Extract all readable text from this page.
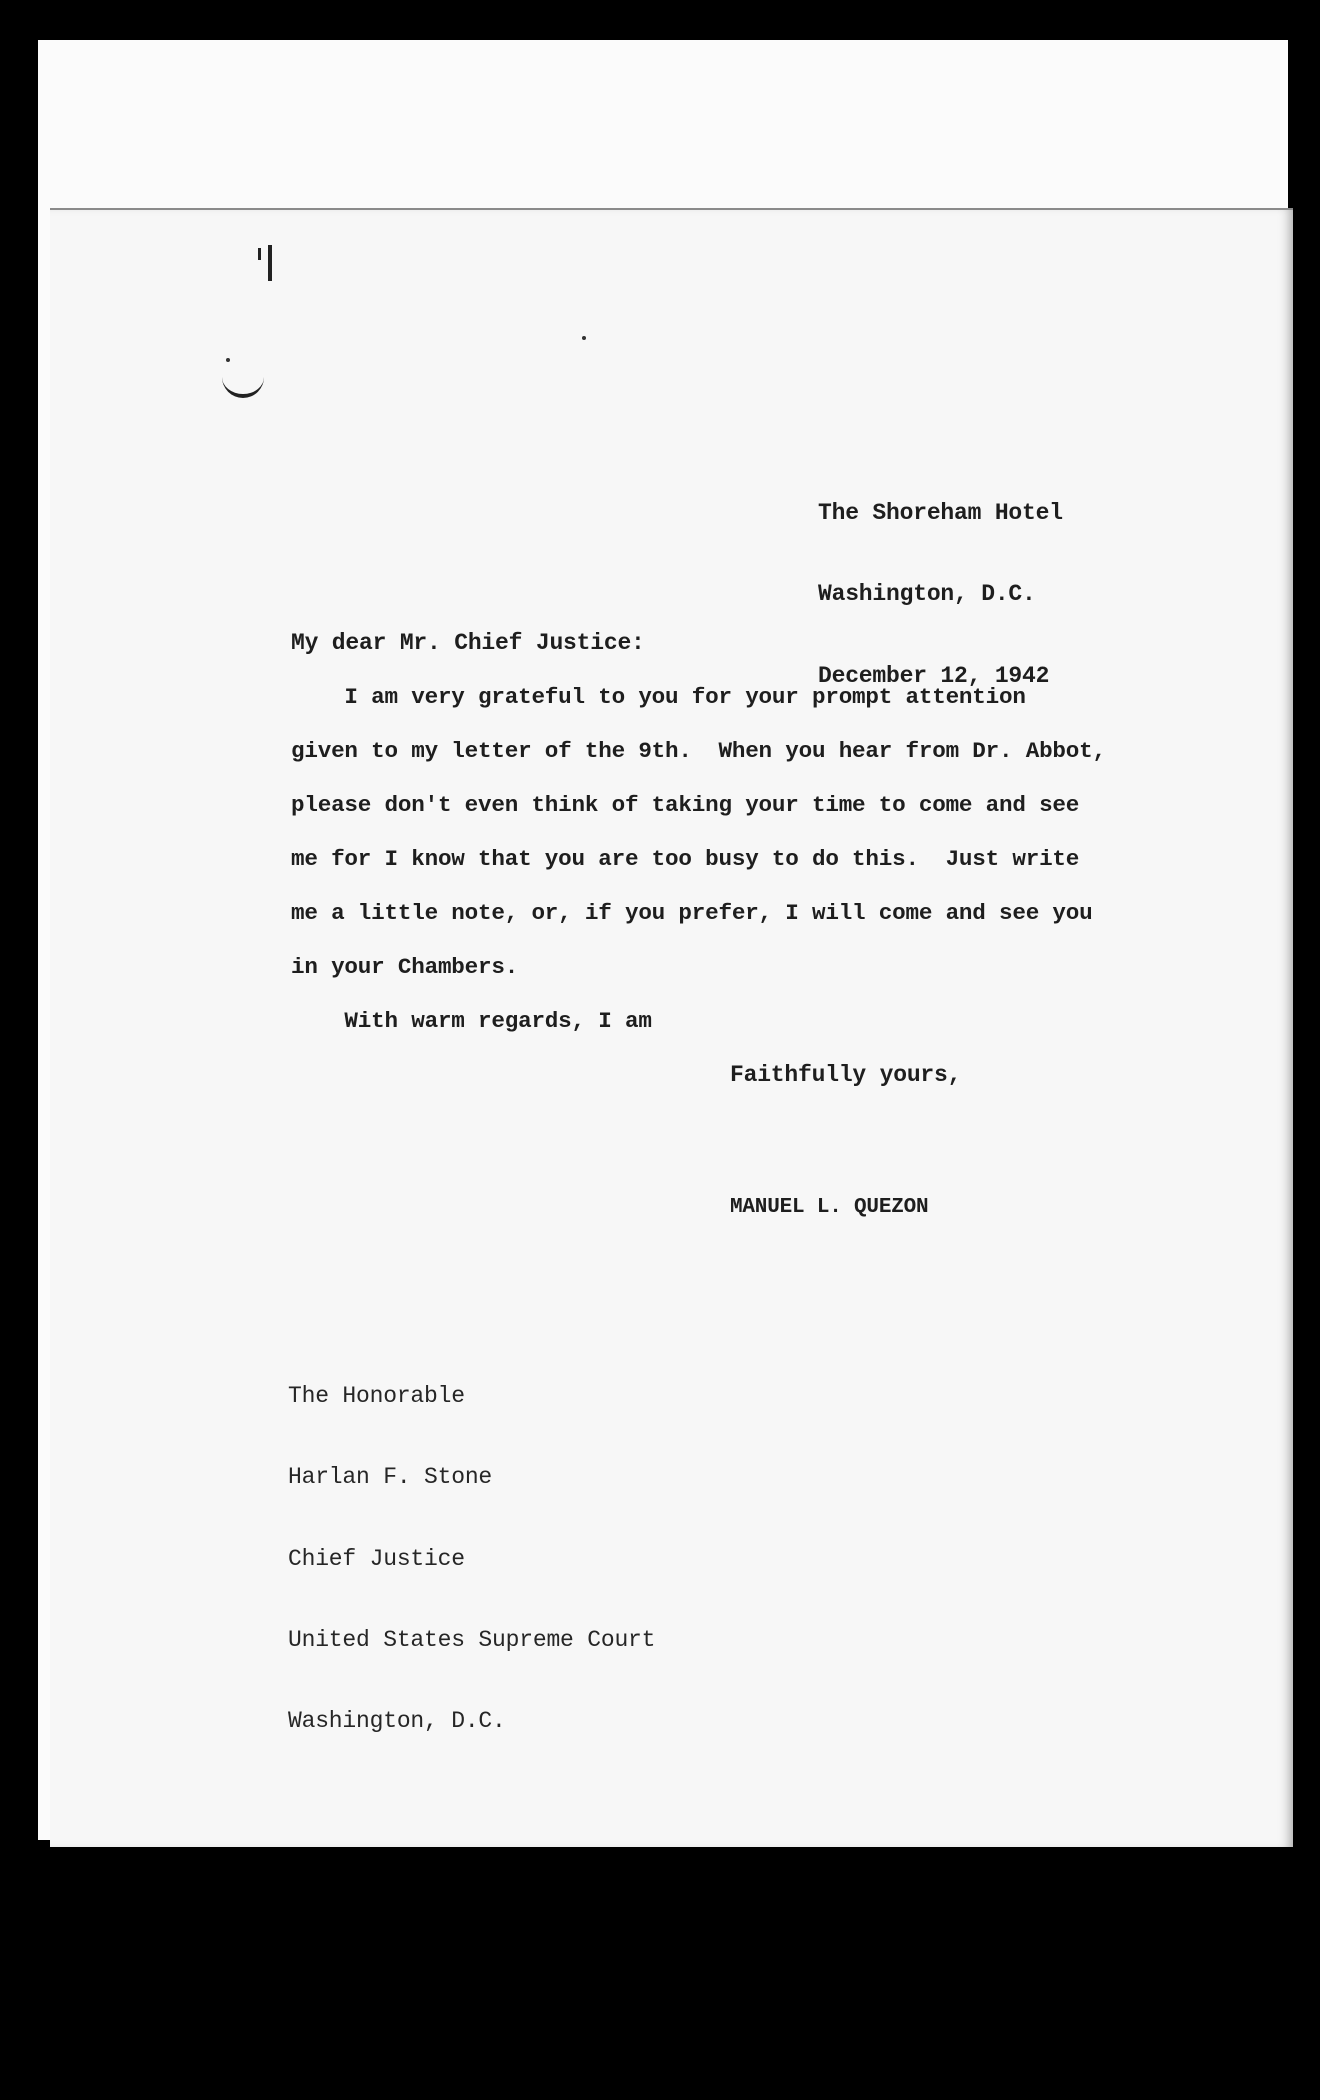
The Shoreham Hotel

Washington, D.C.

December 12, 1942

My dear Mr. Chief Justice:
I am very grateful to you for your prompt attention
given to my letter of the 9th.  When you hear from Dr. Abbot,
please don't even think of taking your time to come and see
me for I know that you are too busy to do this.  Just write
me a little note, or, if you prefer, I will come and see you
in your Chambers.
With warm regards, I am
Faithfully yours,
MANUEL L. QUEZON

The Honorable

Harlan F. Stone

Chief Justice

United States Supreme Court

Washington, D.C.
